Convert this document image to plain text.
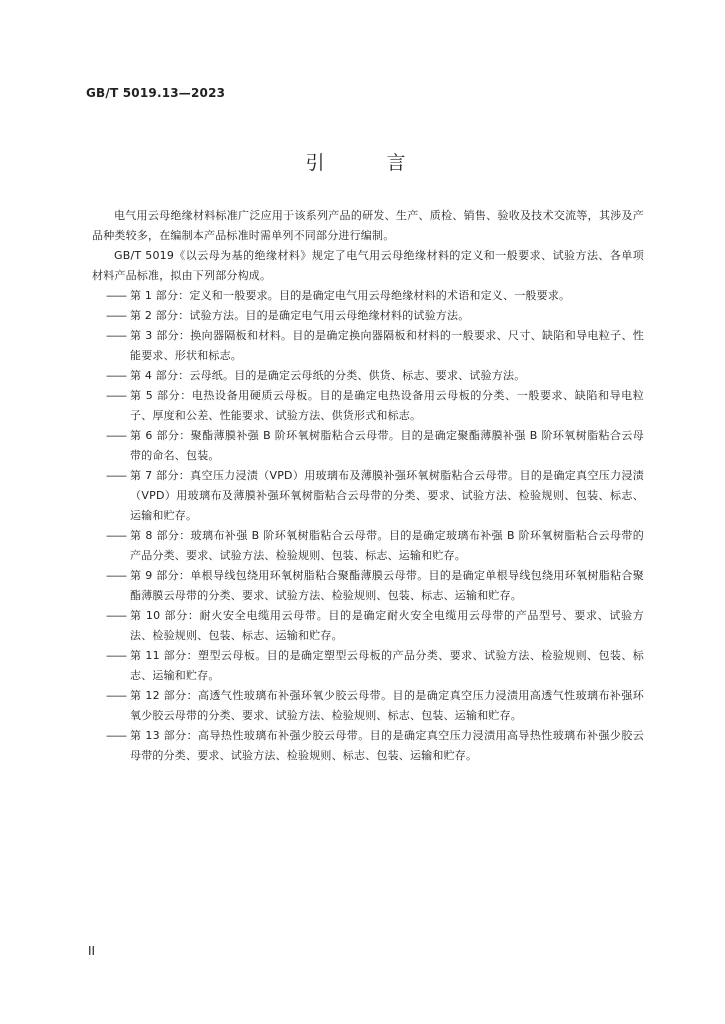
GB/T 5019.13—2023
引 言

电气用云母绝缘材料标准广泛应用于该系列产品的研发、生产、质检、销售、验收及技术交流等，其涉及产品种类较多，在编制本产品标准时需单列不同部分进行编制。

GB/T 5019《以云母为基的绝缘材料》规定了电气用云母绝缘材料的定义和一般要求、试验方法、各单项材料产品标准，拟由下列部分构成。

—— 第 1 部分：定义和一般要求。目的是确定电气用云母绝缘材料的术语和定义、一般要求。

—— 第 2 部分：试验方法。目的是确定电气用云母绝缘材料的试验方法。

—— 第 3 部分：换向器隔板和材料。目的是确定换向器隔板和材料的一般要求、尺寸、缺陷和导电粒子、性能要求、形状和标志。

—— 第 4 部分：云母纸。目的是确定云母纸的分类、供货、标志、要求、试验方法。

—— 第 5 部分：电热设备用硬质云母板。目的是确定电热设备用云母板的分类、一般要求、缺陷和导电粒子、厚度和公差、性能要求、试验方法、供货形式和标志。

—— 第 6 部分：聚酯薄膜补强 B 阶环氧树脂粘合云母带。目的是确定聚酯薄膜补强 B 阶环氧树脂粘合云母带的命名、包装。

—— 第 7 部分：真空压力浸渍（VPD）用玻璃布及薄膜补强环氧树脂粘合云母带。目的是确定真空压力浸渍（VPD）用玻璃布及薄膜补强环氧树脂粘合云母带的分类、要求、试验方法、检验规则、包装、标志、运输和贮存。

—— 第 8 部分：玻璃布补强 B 阶环氧树脂粘合云母带。目的是确定玻璃布补强 B 阶环氧树脂粘合云母带的产品分类、要求、试验方法、检验规则、包装、标志、运输和贮存。

—— 第 9 部分：单根导线包绕用环氧树脂粘合聚酯薄膜云母带。目的是确定单根导线包绕用环氧树脂粘合聚酯薄膜云母带的分类、要求、试验方法、检验规则、包装、标志、运输和贮存。

—— 第 10 部分：耐火安全电缆用云母带。目的是确定耐火安全电缆用云母带的产品型号、要求、试验方法、检验规则、包装、标志、运输和贮存。

—— 第 11 部分：塑型云母板。目的是确定塑型云母板的产品分类、要求、试验方法、检验规则、包装、标志、运输和贮存。

—— 第 12 部分：高透气性玻璃布补强环氧少胶云母带。目的是确定真空压力浸渍用高透气性玻璃布补强环氧少胶云母带的分类、要求、试验方法、检验规则、标志、包装、运输和贮存。

—— 第 13 部分：高导热性玻璃布补强少胶云母带。目的是确定真空压力浸渍用高导热性玻璃布补强少胶云母带的分类、要求、试验方法、检验规则、标志、包装、运输和贮存。

II
